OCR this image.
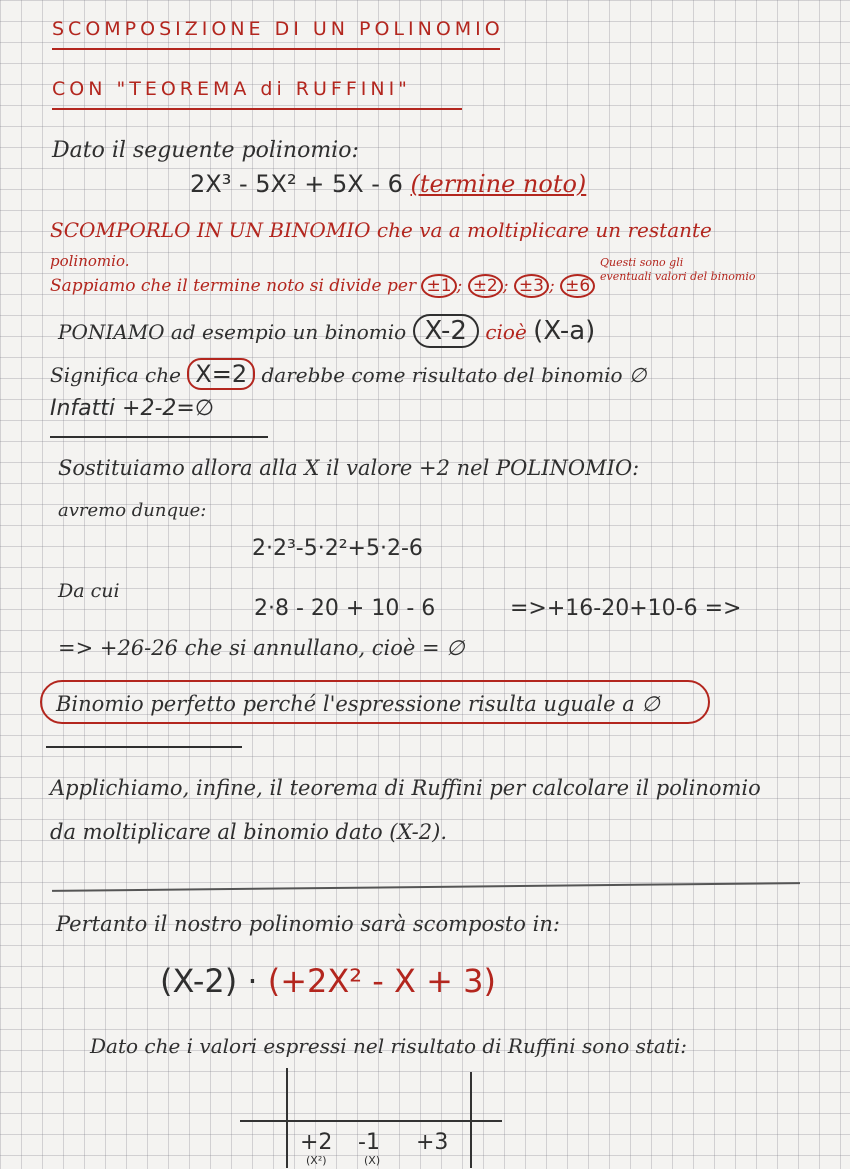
SCOMPOSIZIONE DI UN POLINOMIO
CON "TEOREMA di RUFFINI"
Dato il seguente polinomio:
2X³ - 5X² + 5X - 6 (termine noto)
SCOMPORLO IN UN BINOMIO che va a moltiplicare un restante
polinomio.
Sappiamo che il termine noto si divide per ±1 ; ±2 ; ±3 ; ±6
Questi sono gli
eventuali valori del binomio
PONIAMO ad esempio un binomio X-2 cioè (X-a)
Significa che X=2 darebbe come risultato del binomio ∅
Infatti +2-2=∅
Sostituiamo allora alla X il valore +2 nel POLINOMIO:
avremo dunque:
2·2³-5·2²+5·2-6
Da cui
2·8 - 20 + 10 - 6	=>+16-20+10-6 =>
=> +26-26 che si annullano, cioè = ∅
Binomio perfetto perché l'espressione risulta uguale a ∅
Applichiamo, infine, il teorema di Ruffini per calcolare il polinomio
da moltiplicare al binomio dato (X-2).
Pertanto il nostro polinomio sarà scomposto in:
(X-2) · (+2X² - X + 3)
Dato che i valori espressi nel risultato di Ruffini sono stati:
+2 -1 +3
(X²)	(X)
